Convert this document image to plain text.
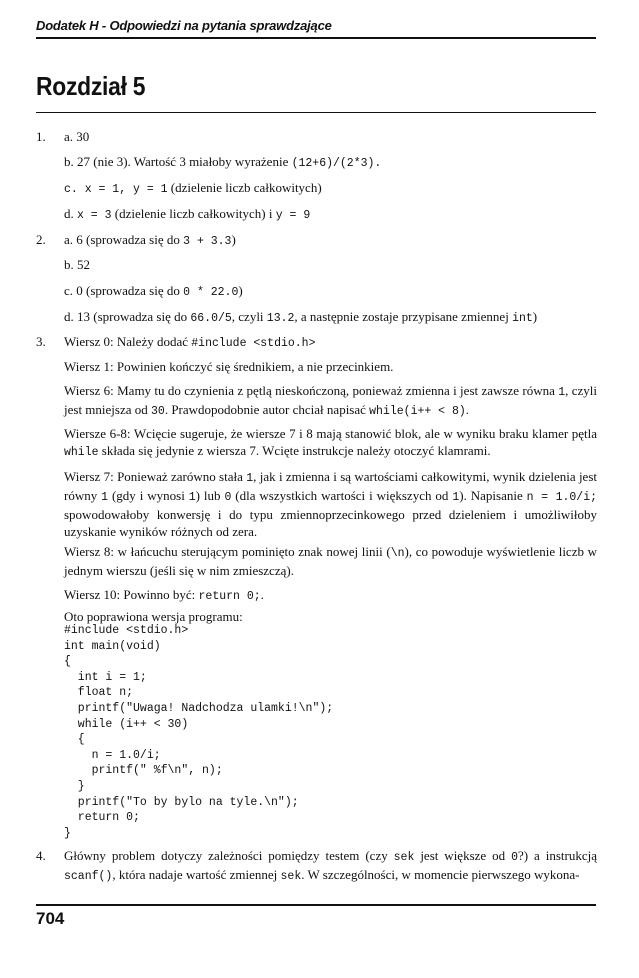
Dodatek H - Odpowiedzi na pytania sprawdzające
Rozdział 5
1.	a. 30
b. 27 (nie 3). Wartość 3 miałoby wyrażenie (12+6)/(2*3).
c. x = 1, y = 1 (dzielenie liczb całkowitych)
d. x = 3 (dzielenie liczb całkowitych) i y = 9
2.	a. 6 (sprowadza się do 3 + 3.3)
b. 52
c. 0 (sprowadza się do 0 * 22.0)
d. 13 (sprowadza się do 66.0/5, czyli 13.2, a następnie zostaje przypisane zmiennej int)
3.	Wiersz 0: Należy dodać #include <stdio.h>
Wiersz 1: Powinien kończyć się średnikiem, a nie przecinkiem.
Wiersz 6: Mamy tu do czynienia z pętlą nieskończoną, ponieważ zmienna i jest zawsze równa 1, czyli jest mniejsza od 30. Prawdopodobnie autor chciał napisać while(i++ < 8).
Wiersze 6-8: Wcięcie sugeruje, że wiersze 7 i 8 mają stanowić blok, ale w wyniku braku klamer pętla while składa się jedynie z wiersza 7. Wcięte instrukcje należy otoczyć klamrami.
Wiersz 7: Ponieważ zarówno stała 1, jak i zmienna i są wartościami całkowitymi, wynik dzielenia jest równy 1 (gdy i wynosi 1) lub 0 (dla wszystkich wartości i większych od 1). Napisanie n = 1.0/i; spowodowałoby konwersję i do typu zmiennoprzecinkowego przed dzieleniem i umożliwiłoby uzyskanie wyników różnych od zera.
Wiersz 8: w łańcuchu sterującym pominięto znak nowej linii (\n), co powoduje wyświetlenie liczb w jednym wierszu (jeśli się w nim zmieszczą).
Wiersz 10: Powinno być: return 0;.
Oto poprawiona wersja programu:
#include <stdio.h>
int main(void)
{
int i = 1;
float n;
printf("Uwaga! Nadchodza ulamki!\n");
while (i++ < 30)
{
n = 1.0/i;
printf(" %f\n", n);
}
printf("To by bylo na tyle.\n");
return 0;
}
4.	Główny problem dotyczy zależności pomiędzy testem (czy sek jest większe od 0?) a instrukcją scanf(), która nadaje wartość zmiennej sek. W szczególności, w momencie pierwszego wykona-
704
